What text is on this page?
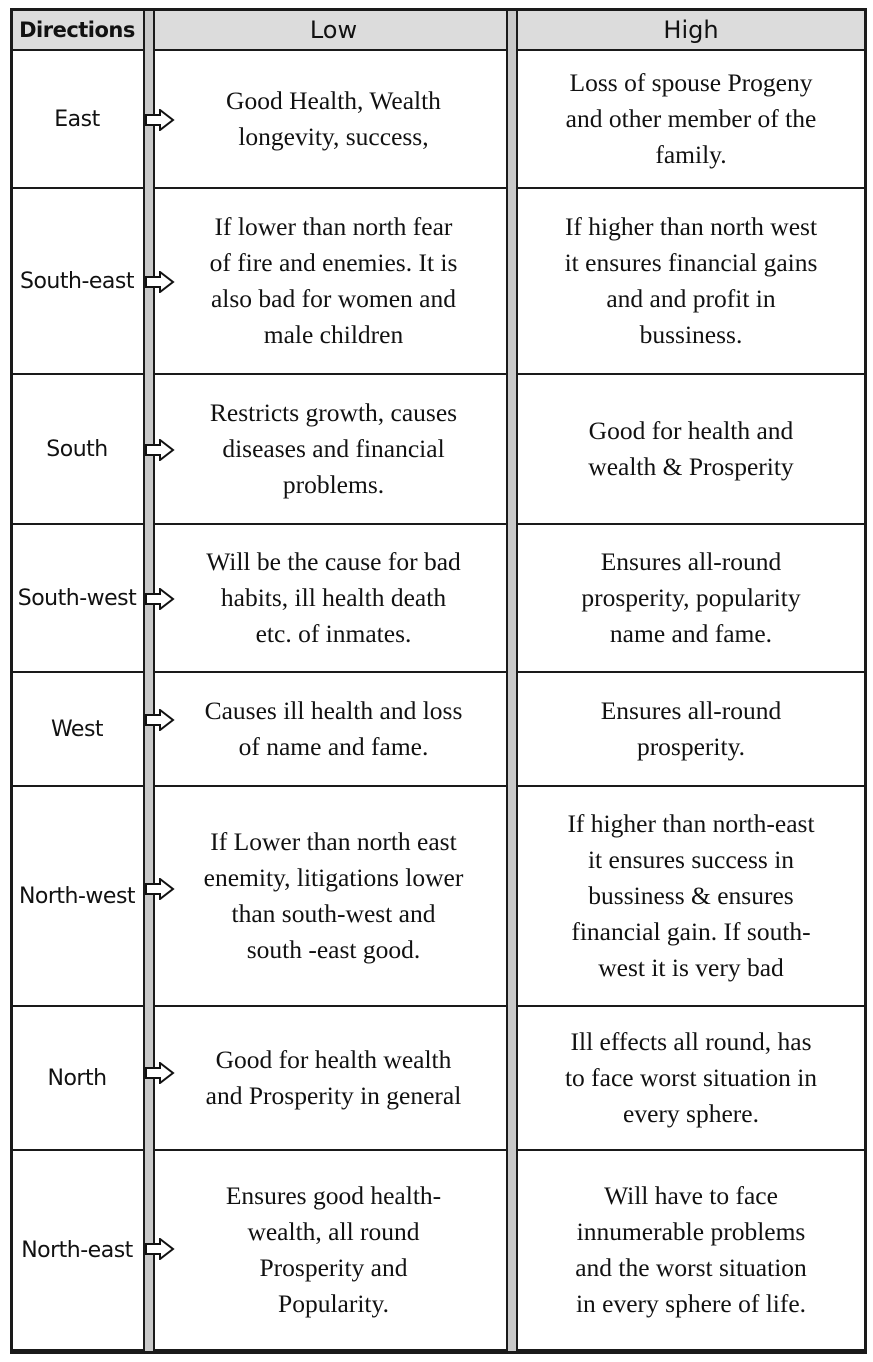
Directions	Low	High
East
Good Health, Wealth
longevity, success,
Loss of spouse Progeny
and other member of the
family.
South-east
If lower than north fear
of fire and enemies. It is
also bad for women and
male children
If higher than north west
it ensures financial gains
and and profit in
bussiness.
South
Restricts growth, causes
diseases and financial
problems.
Good for health and
wealth & Prosperity
South-west
Will be the cause for bad
habits, ill health death
etc. of inmates.
Ensures all-round
prosperity, popularity
name and fame.
West
Causes ill health and loss
of name and fame.
Ensures all-round
prosperity.
North-west
If Lower than north east
enemity, litigations lower
than south-west and
south -east good.
If higher than north-east
it ensures success in
bussiness & ensures
financial gain. If south-
west it is very bad
North
Good for health wealth
and Prosperity in general
Ill effects all round, has
to face worst situation in
every sphere.
North-east
Ensures good health-
wealth, all round
Prosperity and
Popularity.
Will have to face
innumerable problems
and the worst situation
in every sphere of life.
